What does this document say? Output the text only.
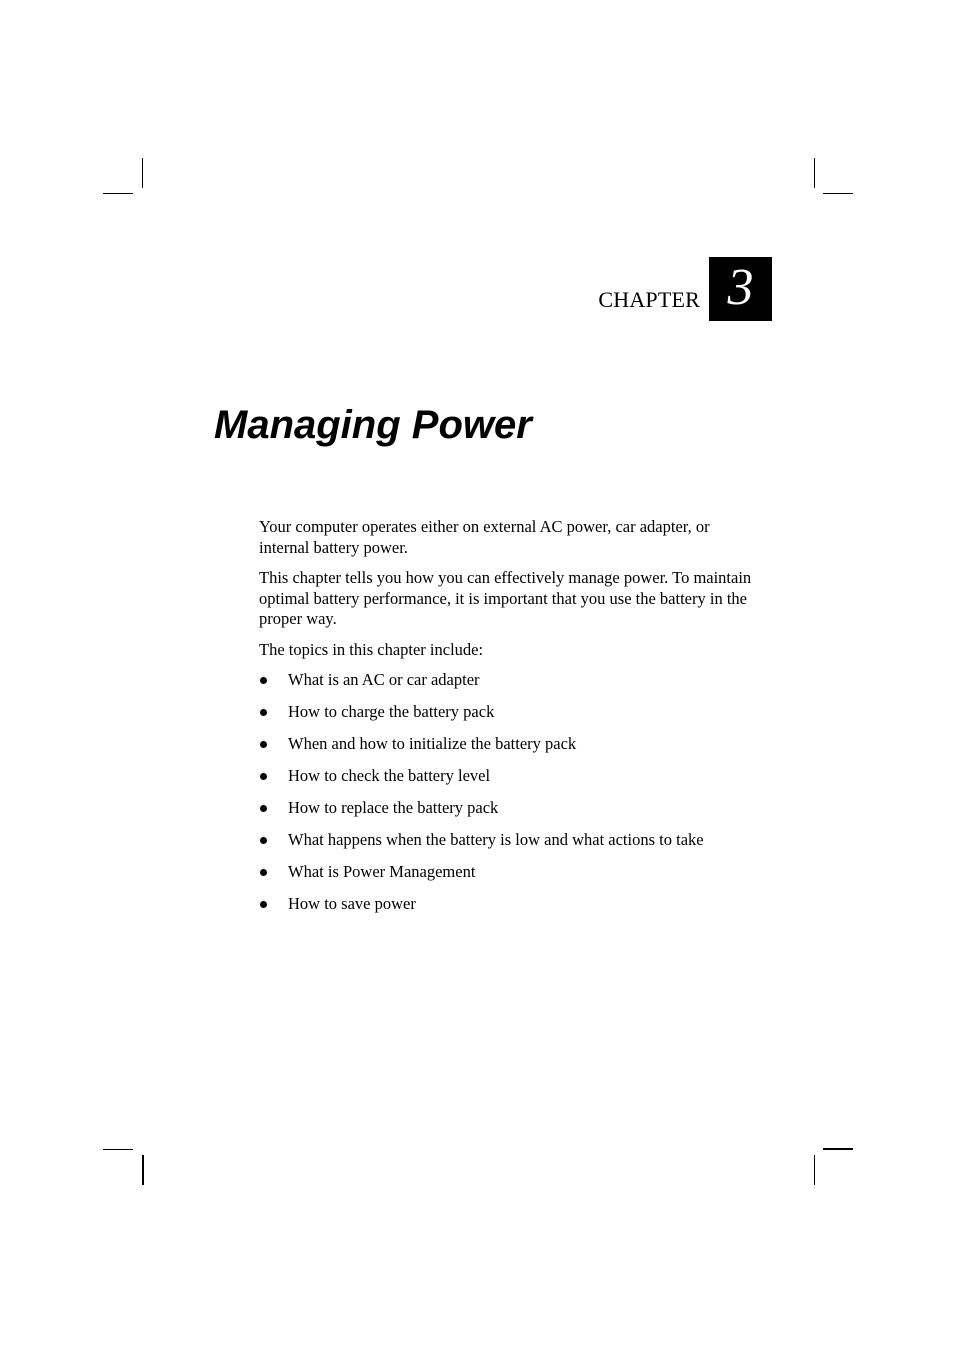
CHAPTER 3
Managing Power

Your computer operates either on external AC power, car adapter, or internal battery power.

This chapter tells you how you can effectively manage power. To maintain optimal battery performance, it is important that you use the battery in the proper way.

The topics in this chapter include:

What is an AC or car adapter
How to charge the battery pack
When and how to initialize the battery pack
How to check the battery level
How to replace the battery pack
What happens when the battery is low and what actions to take
What is Power Management
How to save power
